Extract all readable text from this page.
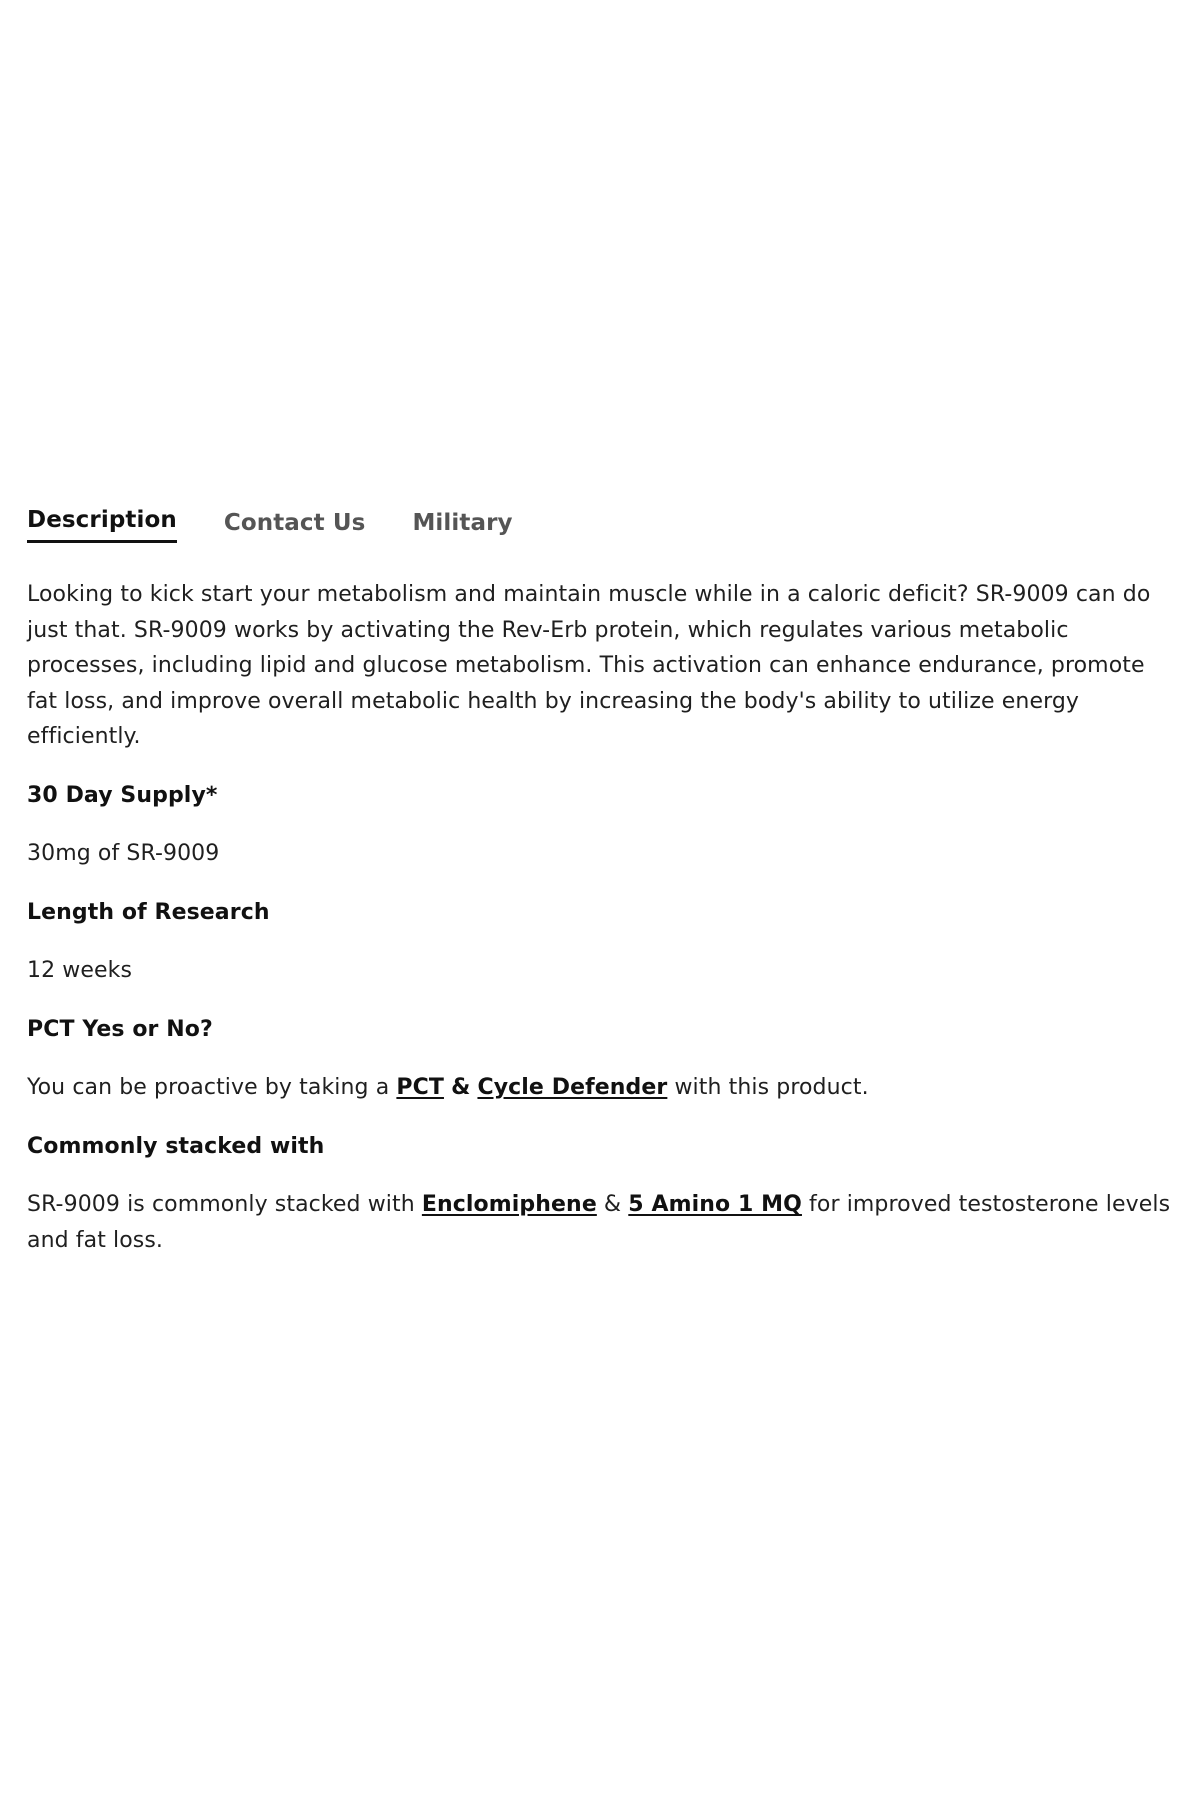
Description Contact Us Military

Looking to kick start your metabolism and maintain muscle while in a caloric deficit? SR-9009 can do just that. SR-9009 works by activating the Rev-Erb protein, which regulates various metabolic processes, including lipid and glucose metabolism. This activation can enhance endurance, promote fat loss, and improve overall metabolic health by increasing the body's ability to utilize energy efficiently.

30 Day Supply*

30mg of SR-9009

Length of Research

12 weeks

PCT Yes or No?

You can be proactive by taking a PCT & Cycle Defender with this product.

Commonly stacked with

SR-9009 is commonly stacked with Enclomiphene & 5 Amino 1 MQ for improved testosterone levels and fat loss.
